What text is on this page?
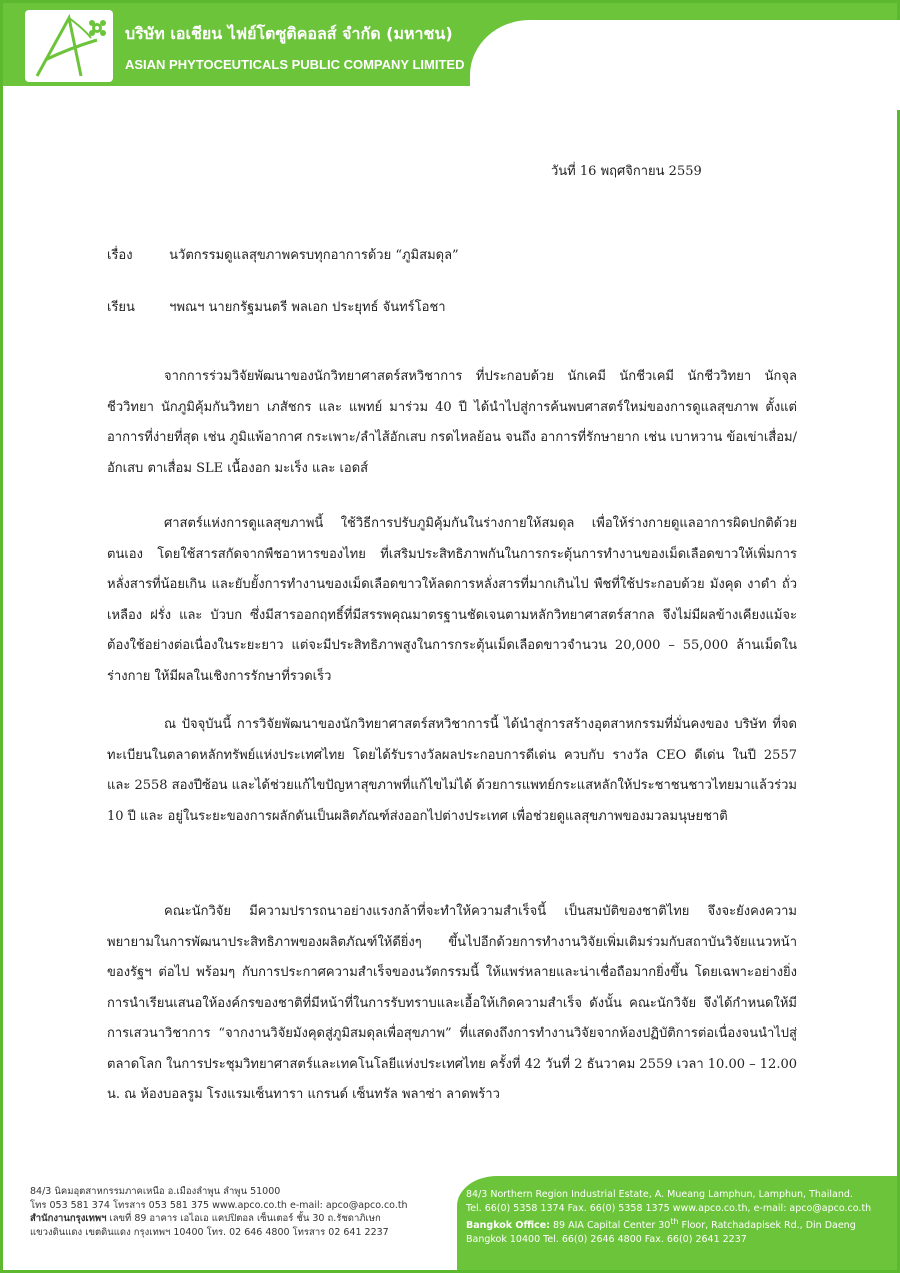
บริษัท เอเชียน ไฟย์โตซูติคอลส์ จำกัด (มหาชน)
ASIAN PHYTOCEUTICALS PUBLIC COMPANY LIMITED
วันที่ 16 พฤศจิกายน 2559
เรื่อง	นวัตกรรมดูแลสุขภาพครบทุกอาการด้วย “ภูมิสมดุล”
เรียน	ฯพณฯ นายกรัฐมนตรี พลเอก ประยุทธ์ จันทร์โอชา

จากการร่วมวิจัยพัฒนาของนักวิทยาศาสตร์สหวิชาการ ที่ประกอบด้วย นักเคมี นักชีวเคมี นักชีววิทยา นักจุลชีววิทยา นักภูมิคุ้มกันวิทยา เภสัชกร และ แพทย์ มาร่วม 40 ปี ได้นำไปสู่การค้นพบศาสตร์ใหม่ของการดูแลสุขภาพ ตั้งแต่อาการที่ง่ายที่สุด เช่น ภูมิแพ้อากาศ กระเพาะ/ลำไส้อักเสบ กรดไหลย้อน จนถึง อาการที่รักษายาก เช่น เบาหวาน ข้อเข่าเสื่อม/อักเสบ ตาเสื่อม SLE เนื้องอก มะเร็ง และ เอดส์

ศาสตร์แห่งการดูแลสุขภาพนี้ ใช้วิธีการปรับภูมิคุ้มกันในร่างกายให้สมดุล เพื่อให้ร่างกายดูแลอาการผิดปกติด้วยตนเอง โดยใช้สารสกัดจากพืชอาหารของไทย ที่เสริมประสิทธิภาพกันในการกระตุ้นการทำงานของเม็ดเลือดขาวให้เพิ่มการหลั่งสารที่น้อยเกิน และยับยั้งการทำงานของเม็ดเลือดขาวให้ลดการหลั่งสารที่มากเกินไป พืชที่ใช้ประกอบด้วย มังคุด งาดำ ถั่วเหลือง ฝรั่ง และ บัวบก ซึ่งมีสารออกฤทธิ์ที่มีสรรพคุณมาตรฐานชัดเจนตามหลักวิทยาศาสตร์สากล จึงไม่มีผลข้างเคียงแม้จะต้องใช้อย่างต่อเนื่องในระยะยาว แต่จะมีประสิทธิภาพสูงในการกระตุ้นเม็ดเลือดขาวจำนวน 20,000 – 55,000 ล้านเม็ดในร่างกาย ให้มีผลในเชิงการรักษาที่รวดเร็ว

ณ ปัจจุบันนี้ การวิจัยพัฒนาของนักวิทยาศาสตร์สหวิชาการนี้ ได้นำสู่การสร้างอุตสาหกรรมที่มั่นคงของ บริษัท ที่จดทะเบียนในตลาดหลักทรัพย์แห่งประเทศไทย โดยได้รับรางวัลผลประกอบการดีเด่น ควบกับ รางวัล CEO ดีเด่น ในปี 2557 และ 2558 สองปีซ้อน และได้ช่วยแก้ไขปัญหาสุขภาพที่แก้ไขไม่ได้ ด้วยการแพทย์กระแสหลักให้ประชาชนชาวไทยมาแล้วร่วม 10 ปี และ อยู่ในระยะของการผลักดันเป็นผลิตภัณฑ์ส่งออกไปต่างประเทศ เพื่อช่วยดูแลสุขภาพของมวลมนุษยชาติ

คณะนักวิจัย มีความปรารถนาอย่างแรงกล้าที่จะทำให้ความสำเร็จนี้ เป็นสมบัติของชาติไทย จึงจะยังคงความพยายามในการพัฒนาประสิทธิภาพของผลิตภัณฑ์ให้ดียิ่งๆ ขึ้นไปอีกด้วยการทำงานวิจัยเพิ่มเติมร่วมกับสถาบันวิจัยแนวหน้าของรัฐฯ ต่อไป พร้อมๆ กับการประกาศความสำเร็จของนวัตกรรมนี้ ให้แพร่หลายและน่าเชื่อถือมากยิ่งขึ้น โดยเฉพาะอย่างยิ่ง การนำเรียนเสนอให้องค์กรของชาติที่มีหน้าที่ในการรับทราบและเอื้อให้เกิดความสำเร็จ ดังนั้น คณะนักวิจัย จึงได้กำหนดให้มีการเสวนาวิชาการ “จากงานวิจัยมังคุดสู่ภูมิสมดุลเพื่อสุขภาพ” ที่แสดงถึงการทำงานวิจัยจากห้องปฏิบัติการต่อเนื่องจนนำไปสู่ตลาดโลก ในการประชุมวิทยาศาสตร์และเทคโนโลยีแห่งประเทศไทย ครั้งที่ 42 วันที่ 2 ธันวาคม 2559 เวลา 10.00 – 12.00 น. ณ ห้องบอลรูม โรงแรมเซ็นทารา แกรนด์ เซ็นทรัล พลาซ่า ลาดพร้าว

84/3 นิคมอุตสาหกรรมภาคเหนือ อ.เมืองลำพูน ลำพูน 51000
โทร 053 581 374 โทรสาร 053 581 375 www.apco.co.th e-mail: apco@apco.co.th
สำนักงานกรุงเทพฯ เลขที่ 89 อาคาร เอไอเอ แคปปิตอล เซ็นเตอร์ ชั้น 30 ถ.รัชดาภิเษก
แขวงดินแดง เขตดินแดง กรุงเทพฯ 10400 โทร. 02 646 4800 โทรสาร 02 641 2237
84/3 Northern Region Industrial Estate, A. Mueang Lamphun, Lamphun, Thailand.
Tel. 66(0) 5358 1374 Fax. 66(0) 5358 1375 www.apco.co.th, e-mail: apco@apco.co.th
Bangkok Office: 89 AIA Capital Center 30th Floor, Ratchadapisek Rd., Din Daeng
Bangkok 10400 Tel. 66(0) 2646 4800 Fax. 66(0) 2641 2237
